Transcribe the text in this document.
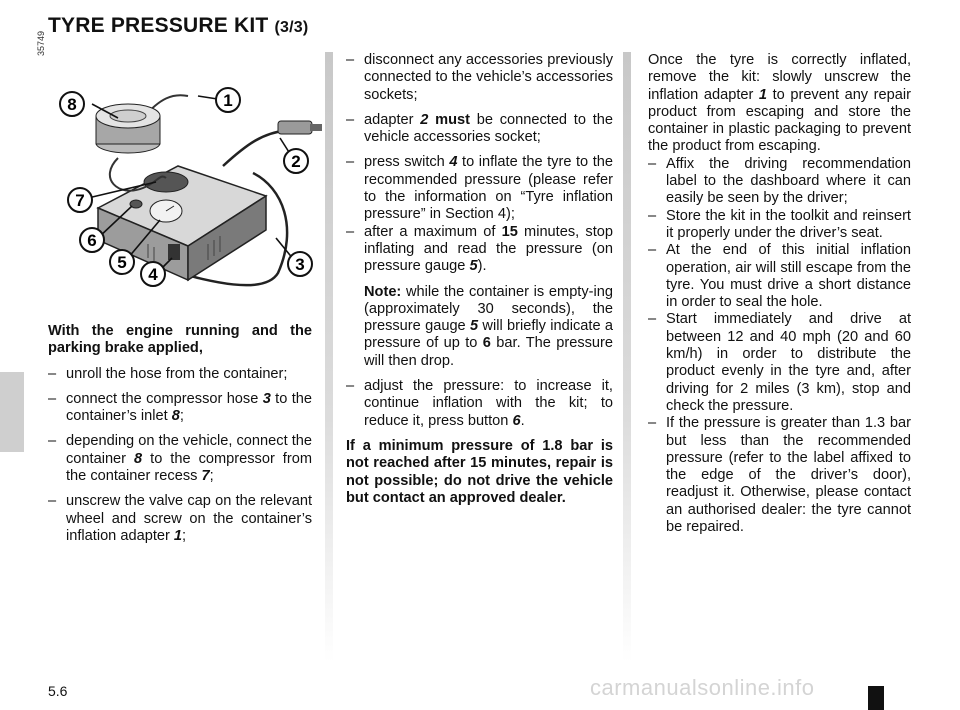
TYRE PRESSURE KIT (3/3)
35749
8	1
2
7
6
5
4
3

With the engine running and the parking brake applied,

– unroll the hose from the container;

– connect the compressor hose 3 to the container’s inlet 8;

– depending on the vehicle, connect the container 8 to the compressor from the container recess 7;

– unscrew the valve cap on the relevant wheel and screw on the container’s inflation adapter 1;

– disconnect any accessories previously connected to the vehicle’s accessories sockets;

– adapter 2 must be connected to the vehicle accessories socket;

– press switch 4 to inflate the tyre to the recommended pressure (please refer to the information on “Tyre inflation pressure” in Section 4);

– after a maximum of 15 minutes, stop inflating and read the pressure (on pressure gauge 5).

Note: while the container is empty-ing (approximately 30 seconds), the pressure gauge 5 will briefly indicate a pressure of up to 6 bar. The pressure will then drop.

– adjust the pressure: to increase it, continue inflation with the kit; to reduce it, press button 6.

If a minimum pressure of 1.8 bar is not reached after 15 minutes, repair is not possible; do not drive the vehicle but contact an approved dealer.

Once the tyre is correctly inflated, remove the kit: slowly unscrew the inflation adapter 1 to prevent any repair product from escaping and store the container in plastic packaging to prevent the product from escaping.

– Affix the driving recommendation label to the dashboard where it can easily be seen by the driver;

– Store the kit in the toolkit and reinsert it properly under the driver’s seat.

– At the end of this initial inflation operation, air will still escape from the tyre. You must drive a short distance in order to seal the hole.

– Start immediately and drive at between 12 and 40 mph (20 and 60 km/h) in order to distribute the product evenly in the tyre and, after driving for 2 miles (3 km), stop and check the pressure.

– If the pressure is greater than 1.3 bar but less than the recommended pressure (refer to the label affixed to the edge of the driver’s door), readjust it. Otherwise, please contact an authorised dealer: the tyre cannot be repaired.

5.6	carmanualsonline.info
